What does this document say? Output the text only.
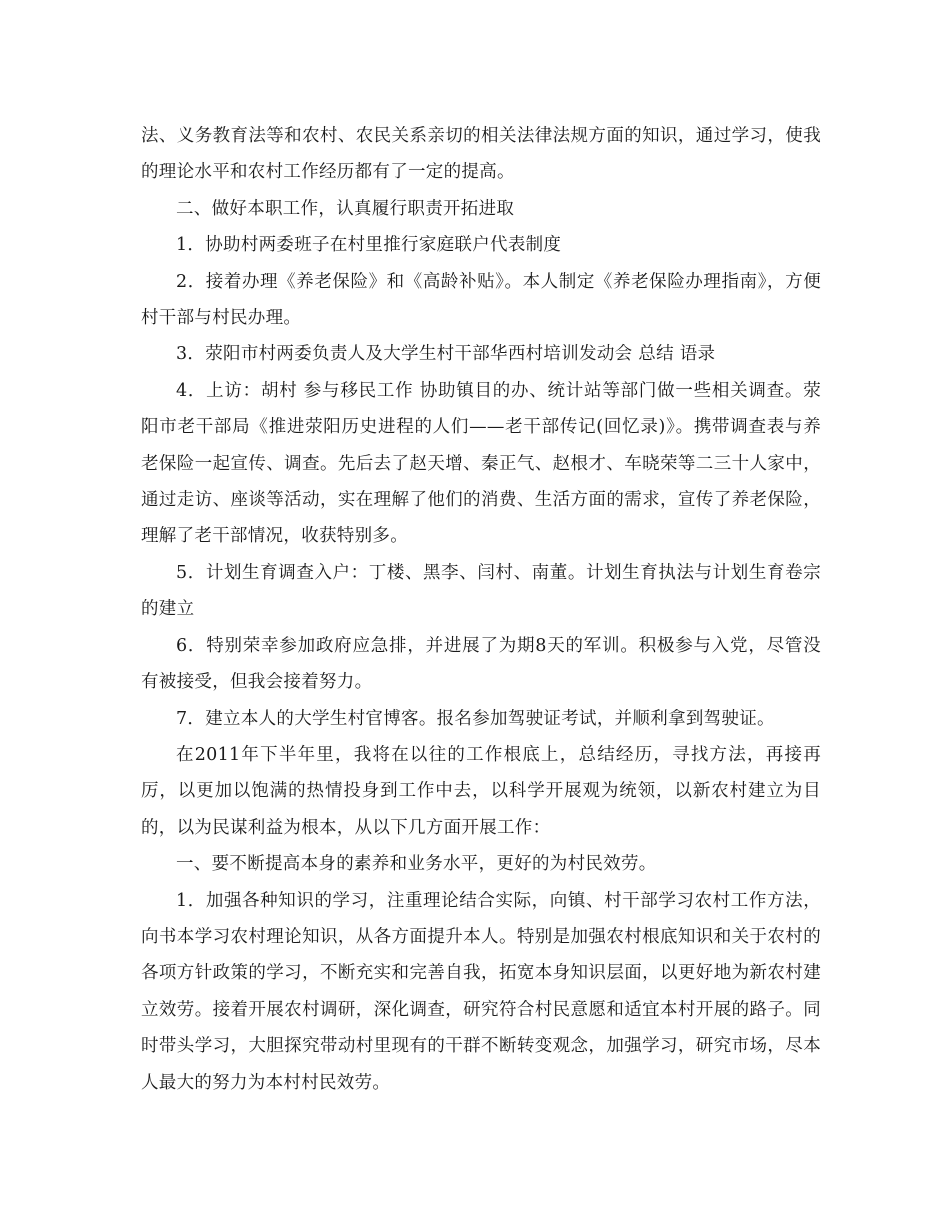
法、义务教育法等和农村、农民关系亲切的相关法律法规方面的知识，通过学习，使我的理论水平和农村工作经历都有了一定的提高。

二、做好本职工作，认真履行职责开拓进取

1．协助村两委班子在村里推行家庭联户代表制度

2．接着办理《养老保险》和《高龄补贴》。本人制定《养老保险办理指南》，方便村干部与村民办理。

3．荥阳市村两委负责人及大学生村干部华西村培训发动会 总结 语录

4．上访：胡村 参与移民工作 协助镇目的办、统计站等部门做一些相关调查。荥阳市老干部局《推进荥阳历史进程的人们——老干部传记(回忆录)》。携带调查表与养老保险一起宣传、调查。先后去了赵天增、秦正气、赵根才、车晓荣等二三十人家中，通过走访、座谈等活动，实在理解了他们的消费、生活方面的需求，宣传了养老保险，理解了老干部情况，收获特别多。

5．计划生育调查入户：丁楼、黑李、闫村、南董。计划生育执法与计划生育卷宗的建立

6．特别荣幸参加政府应急排，并进展了为期8天的军训。积极参与入党，尽管没有被接受，但我会接着努力。

7．建立本人的大学生村官博客。报名参加驾驶证考试，并顺利拿到驾驶证。

在2011年下半年里，我将在以往的工作根底上，总结经历，寻找方法，再接再厉，以更加以饱满的热情投身到工作中去，以科学开展观为统领，以新农村建立为目的，以为民谋利益为根本，从以下几方面开展工作：

一、要不断提高本身的素养和业务水平，更好的为村民效劳。

1．加强各种知识的学习，注重理论结合实际，向镇、村干部学习农村工作方法，向书本学习农村理论知识，从各方面提升本人。特别是加强农村根底知识和关于农村的各项方针政策的学习，不断充实和完善自我，拓宽本身知识层面，以更好地为新农村建立效劳。接着开展农村调研，深化调查，研究符合村民意愿和适宜本村开展的路子。同时带头学习，大胆探究带动村里现有的干群不断转变观念，加强学习，研究市场，尽本人最大的努力为本村村民效劳。
